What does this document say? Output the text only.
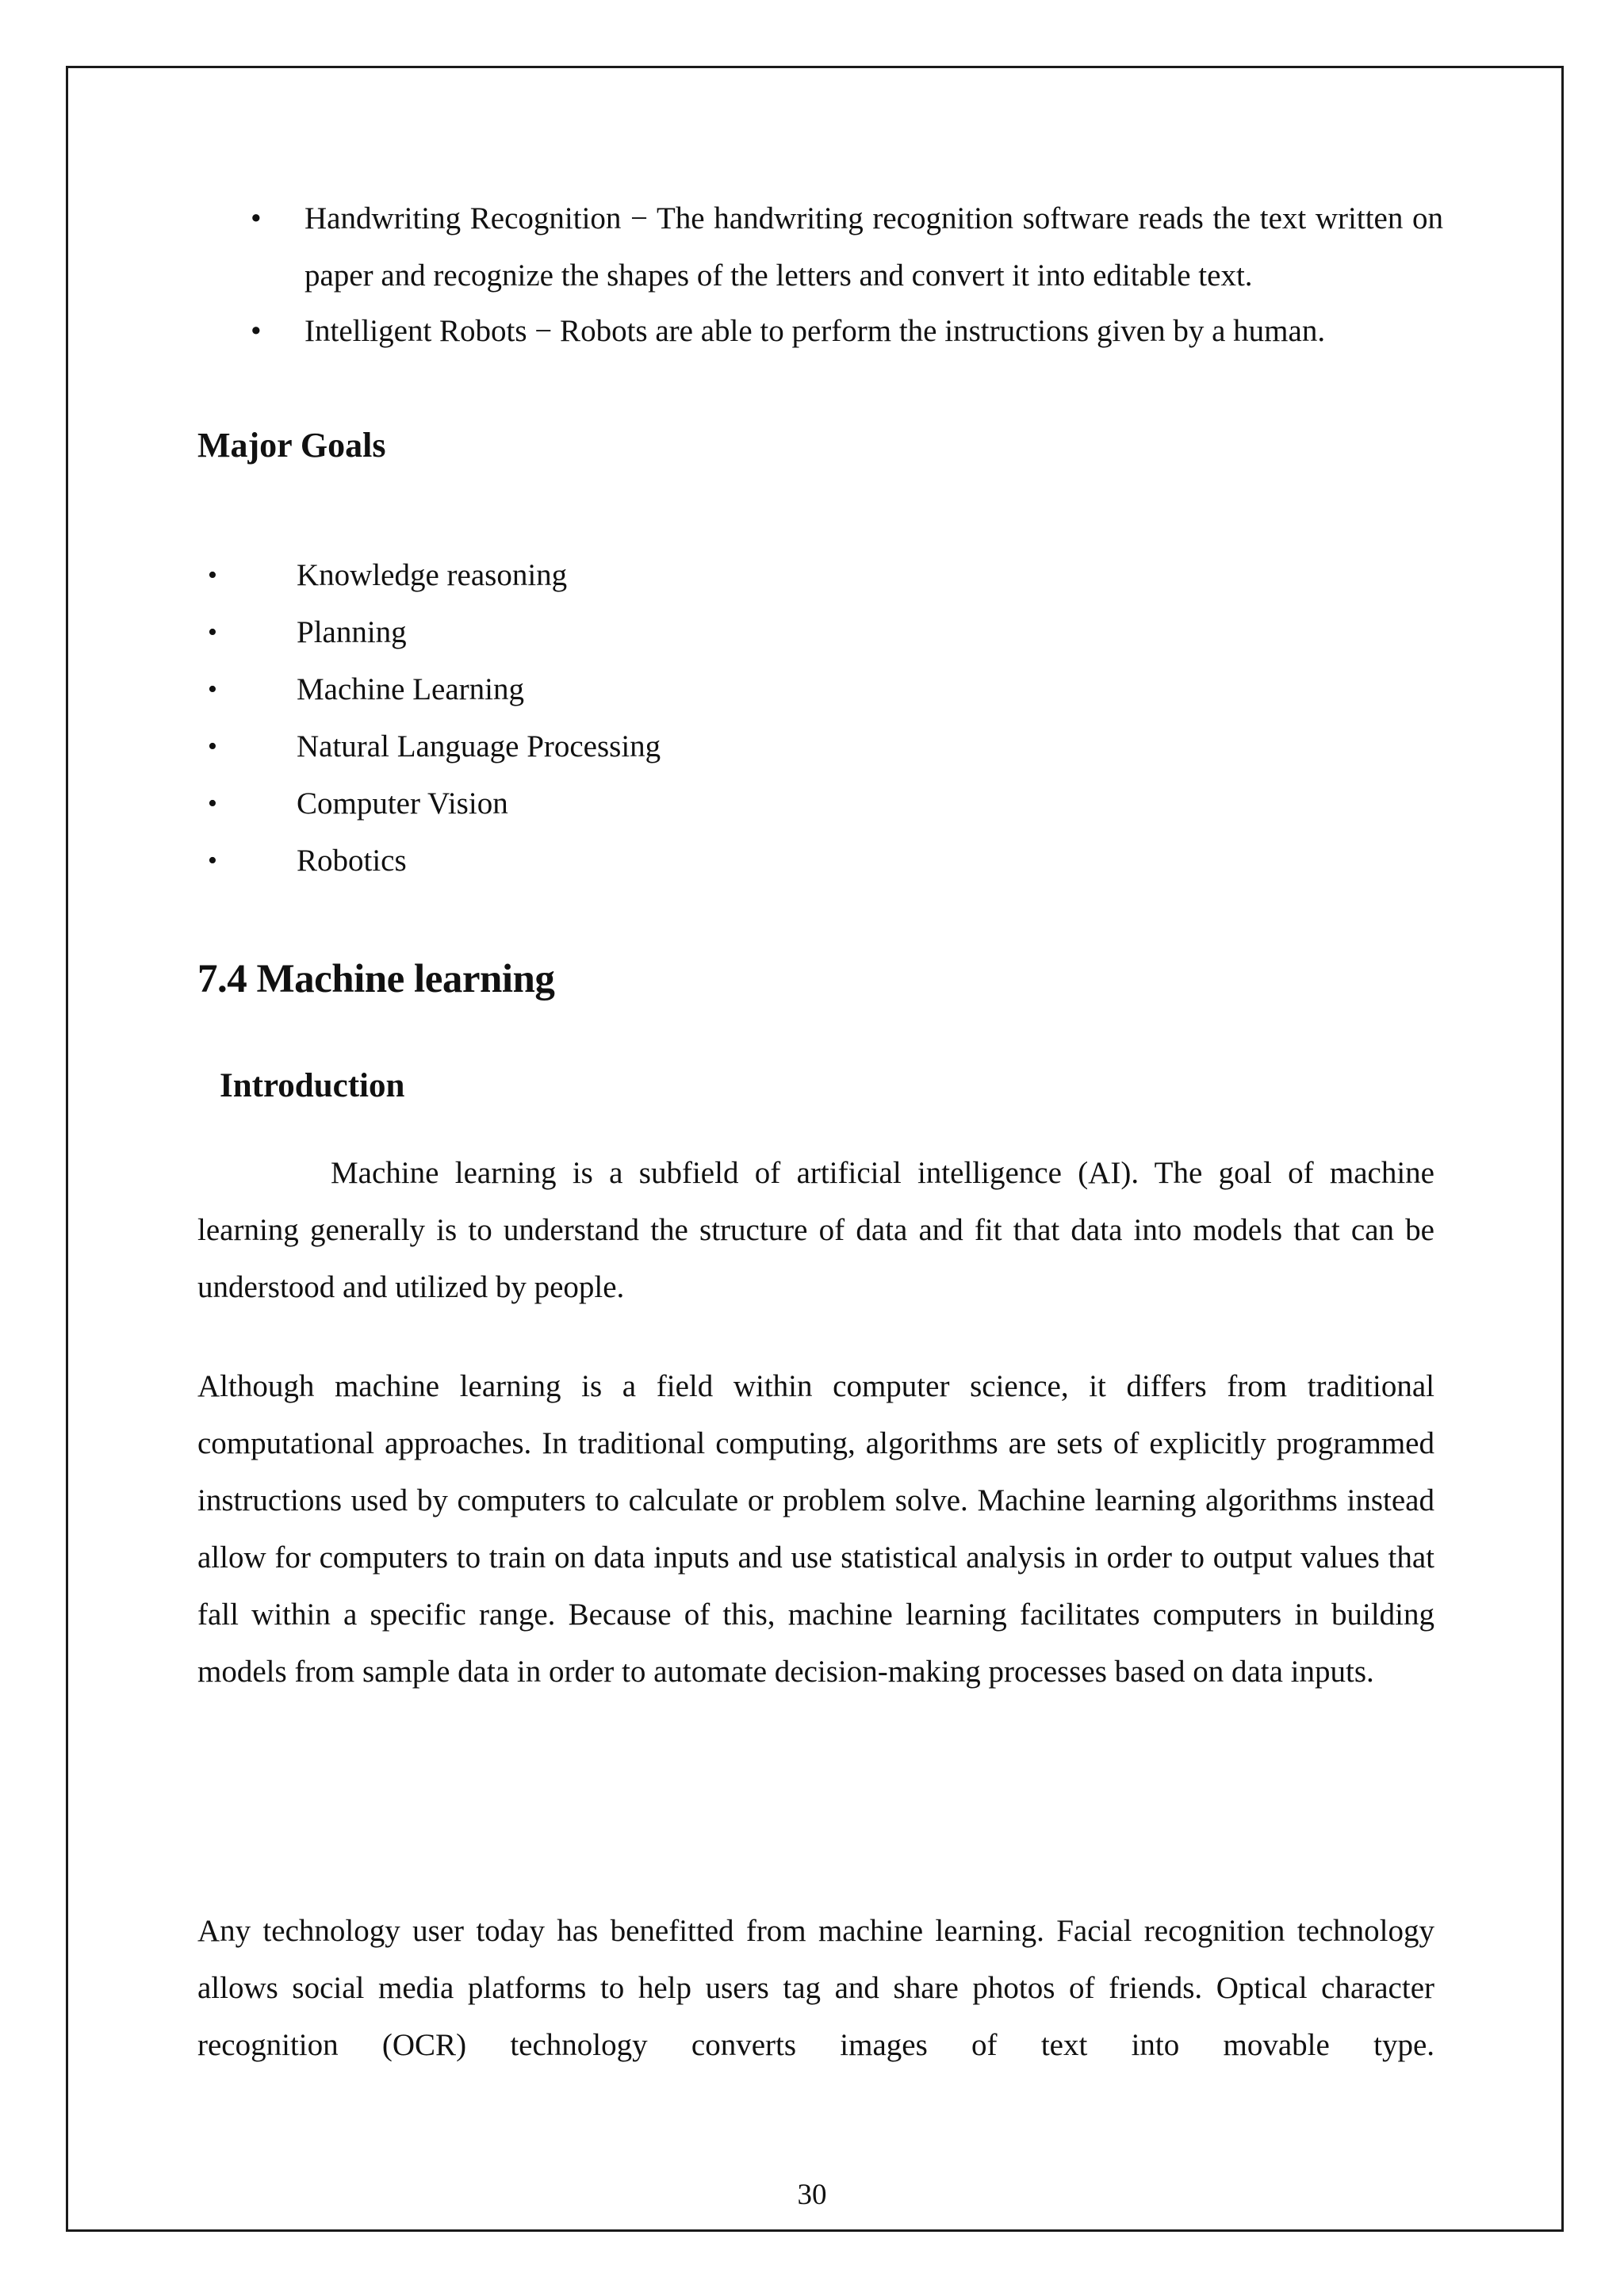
• Handwriting Recognition − The handwriting recognition software reads the text written on paper and recognize the shapes of the letters and convert it into editable text.
• Intelligent Robots − Robots are able to perform the instructions given by a human.
Major Goals
•	Knowledge reasoning
•	Planning
•	Machine Learning
•	Natural Language Processing
•	Computer Vision
•	Robotics
7.4 Machine learning
Introduction
Machine learning is a subfield of artificial intelligence (AI). The goal of machine learning generally is to understand the structure of data and fit that data into models that can be understood and utilized by people.
Although machine learning is a field within computer science, it differs from traditional computational approaches. In traditional computing, algorithms are sets of explicitly programmed instructions used by computers to calculate or problem solve. Machine learning algorithms instead allow for computers to train on data inputs and use statistical analysis in order to output values that fall within a specific range. Because of this, machine learning facilitates computers in building models from sample data in order to automate decision-making processes based on data inputs.
Any technology user today has benefitted from machine learning. Facial recognition technology allows social media platforms to help users tag and share photos of friends. Optical character recognition (OCR) technology converts images of text into movable type.
30
